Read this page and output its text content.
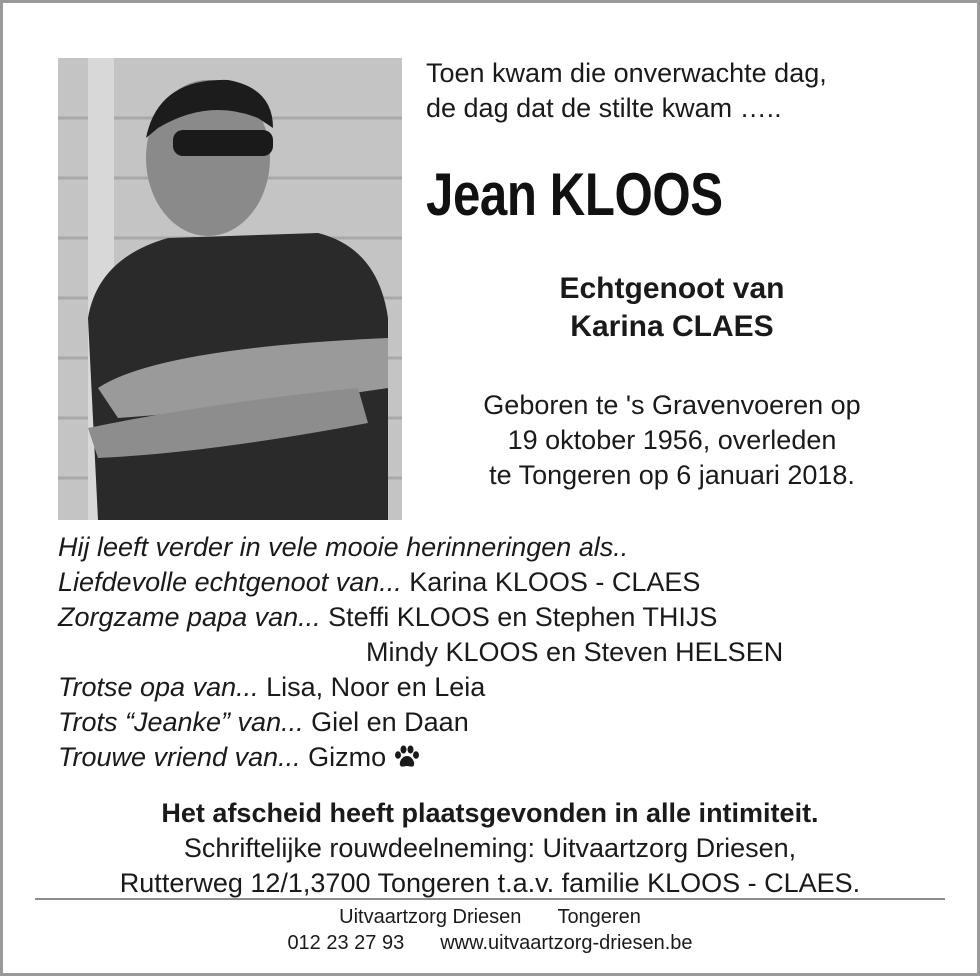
Toen kwam die onverwachte dag,
de dag dat de stilte kwam …..
Jean KLOOS
Echtgenoot van
Karina CLAES
Geboren te 's Gravenvoeren op
19 oktober 1956, overleden
te Tongeren op 6 januari 2018.
Hij leeft verder in vele mooie herinneringen als..
Liefdevolle echtgenoot van... Karina KLOOS - CLAES
Zorgzame papa van... Steffi KLOOS en Stephen THIJS
Mindy KLOOS en Steven HELSEN
Trotse opa van... Lisa, Noor en Leia
Trots “Jeanke” van... Giel en Daan
Trouwe vriend van... Gizmo
Het afscheid heeft plaatsgevonden in alle intimiteit.
Schriftelijke rouwdeelneming: Uitvaartzorg Driesen,
Rutterweg 12/1,3700 Tongeren t.a.v. familie KLOOS - CLAES.
Uitvaartzorg Driesen Tongeren
012 23 27 93 www.uitvaartzorg-driesen.be
